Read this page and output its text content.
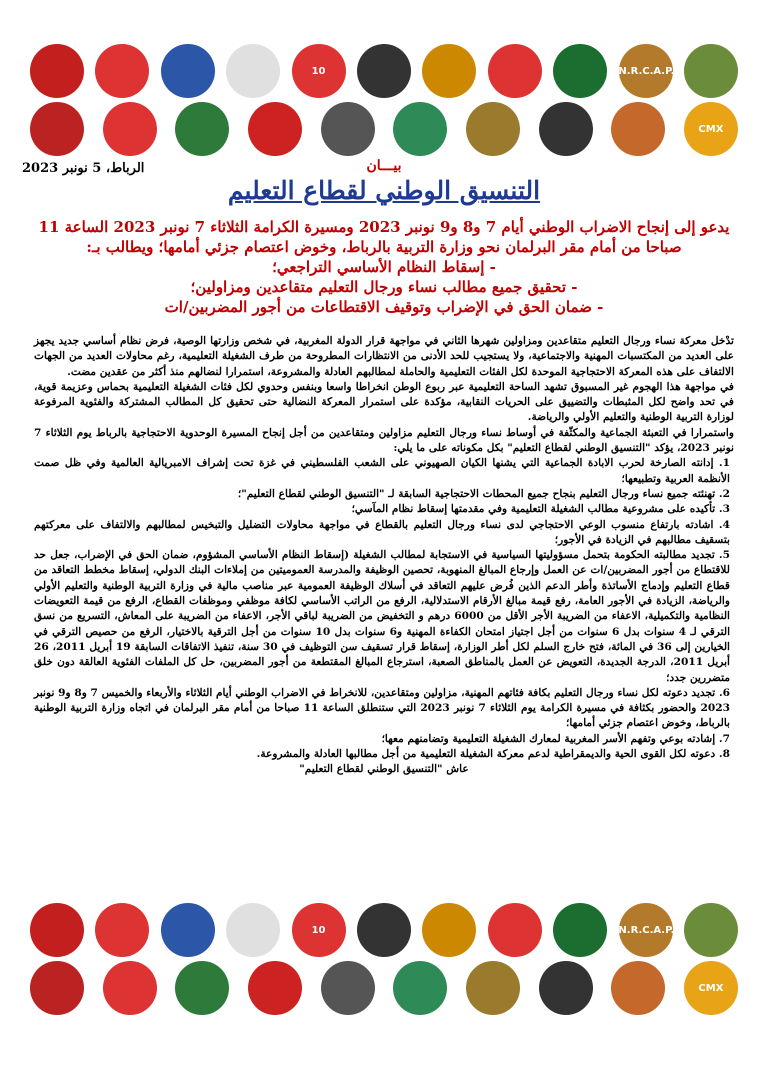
10	A.N.R.C.A.P.M
CMX
الرباط، 5 نونبر 2023	بيـــان
التنسيق الوطني لقطاع التعليم

يدعو إلى إنجاح الاضراب الوطني أيام 7 و8 و9 نونبر 2023 ومسيرة الكرامة الثلاثاء 7 نونبر 2023 الساعة 11 صباحا من أمام مقر البرلمان نحو وزارة التربية بالرباط، وخوض اعتصام جزئي أمامها؛ ويطالب بـ:

- إسقاط النظام الأساسي التراجعي؛

- تحقيق جميع مطالب نساء ورجال التعليم متقاعدين ومزاولين؛

- ضمان الحق في الإضراب وتوقيف الاقتطاعات من أجور المضربين/ات

تدْخل معركة نساء ورجال التعليم متقاعدين ومزاولين شهرها الثاني في مواجهة قرار الدولة المغربية، في شخص وزارتها الوصية، فرض نظام أساسي جديد يجهز على العديد من المكتسبات المهنية والاجتماعية، ولا يستجيب للحد الأدنى من الانتظارات المطروحة من طرف الشغيلة التعليمية، رغم محاولات العديد من الجهات الالتفاف على هذه المعركة الاحتجاجية الموحدة لكل الفئات التعليمية والحاملة لمطالبهم العادلة والمشروعة، استمرارا لنضالهم منذ أكثر من عقدين مضت.

في مواجهة هذا الهجوم غير المسبوق تشهد الساحة التعليمية عبر ربوع الوطن انخراطا واسعا وبنفس وحدوي لكل فئات الشغيلة التعليمية بحماس وعزيمة قوية، في تحد واضح لكل المثبطات والتضييق على الحريات النقابية، مؤكدة على استمرار المعركة النضالية حتى تحقيق كل المطالب المشتركة والفئوية المرفوعة لوزارة التربية الوطنية والتعليم الأولي والرياضة.

واستمرارا في التعبئة الجماعية والمكثّفة في أوساط نساء ورجال التعليم مزاولين ومتقاعدين من أجل إنجاح المسيرة الوحدوية الاحتجاجية بالرباط يوم الثلاثاء 7 نونبر 2023، يؤكد "التنسيق الوطني لقطاع التعليم" بكل مكوناته على ما يلي:

1. إدانته الصارخة لحرب الابادة الجماعية التي يشنها الكيان الصهيوني على الشعب الفلسطيني في غزة تحت إشراف الامبريالية العالمية وفي ظل صمت الأنظمة العربية وتطبيعها؛

2. تهنئته جميع نساء ورجال التعليم بنجاح جميع المحطات الاحتجاجية السابقة لـ "التنسيق الوطني لقطاع التعليم"؛

3. تأكيده على مشروعية مطالب الشغيلة التعليمية وفي مقدمتها إسقاط نظام المآسي؛

4. اشادته بارتفاع منسوب الوعي الاحتجاجي لدى نساء ورجال التعليم بالقطاع في مواجهة محاولات التضليل والتبخيس لمطالبهم والالتفاف على معركتهم بتسقيف مطالبهم في الزيادة في الأجور؛

5. تجديد مطالبته الحكومة بتحمل مسؤوليتها السياسية في الاستجابة لمطالب الشغيلة (إسقاط النظام الأساسي المشؤوم، ضمان الحق في الإضراب، جعل حد للاقتطاع من أجور المضربين/ات عن العمل وإرجاع المبالغ المنهوبة، تحصين الوظيفة والمدرسة العموميتين من إملاءات البنك الدولي، إسقاط مخطط التعاقد من قطاع التعليم وإدماج الأساتذة وأطر الدعم الذين فُرض عليهم التعاقد في أسلاك الوظيفة العمومية عبر مناصب مالية في وزارة التربية الوطنية والتعليم الأولي والرياضة، الزيادة في الأجور العامة، رفع قيمة مبالغ الأرقام الاستدلالية، الرفع من الراتب الأساسي لكافة موظفي وموظفات القطاع، الرفع من قيمة التعويضات النظامية والتكميلية، الاعفاء من الضريبة الأجر الأقل من 6000 درهم و التخفيض من الضريبة لباقي الأجر، الاعفاء من الضريبة على المعاش، التسريع من نسق الترقي لـ 4 سنوات بدل 6 سنوات من أجل اجتياز امتحان الكفاءة المهنية و6 سنوات بدل 10 سنوات من أجل الترقية بالاختيار، الرفع من حصيص الترقي في الخيارين إلى 36 في المائة، فتح خارج السلم لكل أطر الوزارة، إسقاط قرار تسقيف سن التوظيف في 30 سنة، تنفيذ الاتفاقات السابقة 19 أبريل 2011، 26 أبريل 2011، الدرجة الجديدة، التعويض عن العمل بالمناطق الصعبة، استرجاع المبالغ المقتطعة من أجور المضربين، حل كل الملفات الفئوية العالقة دون خلق متضررين جدد؛

6. تجديد دعوته لكل نساء ورجال التعليم بكافة فئاتهم المهنية، مزاولين ومتقاعدين، للانخراط في الاضراب الوطني أيام الثلاثاء والأربعاء والخميس 7 و8 و9 نونبر 2023 والحضور بكثافة في مسيرة الكرامة يوم الثلاثاء 7 نونبر 2023 التي ستنطلق الساعة 11 صباحا من أمام مقر البرلمان في اتجاه وزارة التربية الوطنية بالرباط، وخوض اعتصام جزئي أمامها؛

7. إشادته بوعي وتفهم الأسر المغربية لمعارك الشغيلة التعليمية وتضامنهم معها؛

8. دعوته لكل القوى الحية والديمقراطية لدعم معركة الشغيلة التعليمية من أجل مطالبها العادلة والمشروعة.

عاش "التنسيق الوطني لقطاع التعليم"

10	A.N.R.C.A.P.M
CMX
